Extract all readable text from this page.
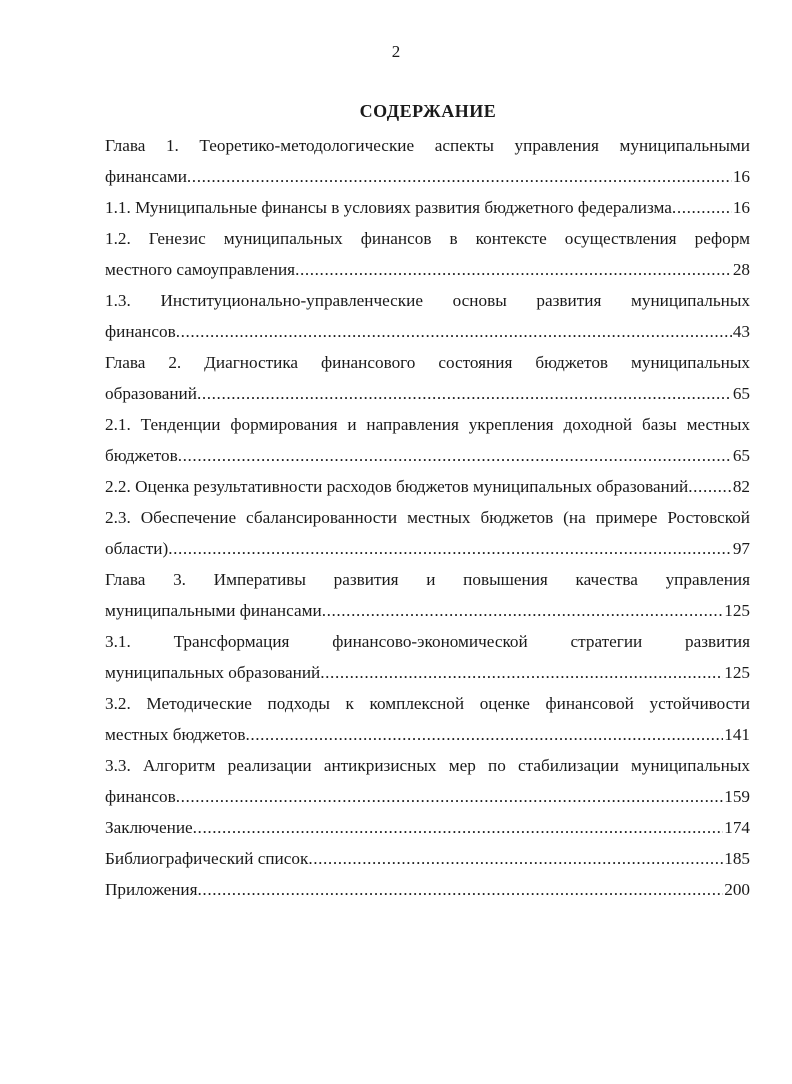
2
СОДЕРЖАНИЕ
Глава 1. Теоретико-методологические аспекты управления муниципальными
финансами .....	16
1.1. Муниципальные финансы в условиях развития бюджетного федерализма .....	16
1.2. Генезис муниципальных финансов в контексте осуществления реформ
местного самоуправления .....	28
1.3. Институционально-управленческие основы развития муниципальных
финансов .....	43
Глава 2. Диагностика финансового состояния бюджетов муниципальных
образований .....	65
2.1. Тенденции формирования и направления укрепления доходной базы местных
бюджетов .....	65
2.2. Оценка результативности расходов бюджетов муниципальных образований .....	82
2.3. Обеспечение сбалансированности местных бюджетов (на примере Ростовской
области) .....	97
Глава 3. Императивы развития и повышения качества управления
муниципальными финансами .....	125
3.1. Трансформация финансово-экономической стратегии развития
муниципальных образований .....	125
3.2. Методические подходы к комплексной оценке финансовой устойчивости
местных бюджетов .....	141
3.3. Алгоритм реализации антикризисных мер по стабилизации муниципальных
финансов .....	159
Заключение .....	174
Библиографический список .....	185
Приложения .....	200
